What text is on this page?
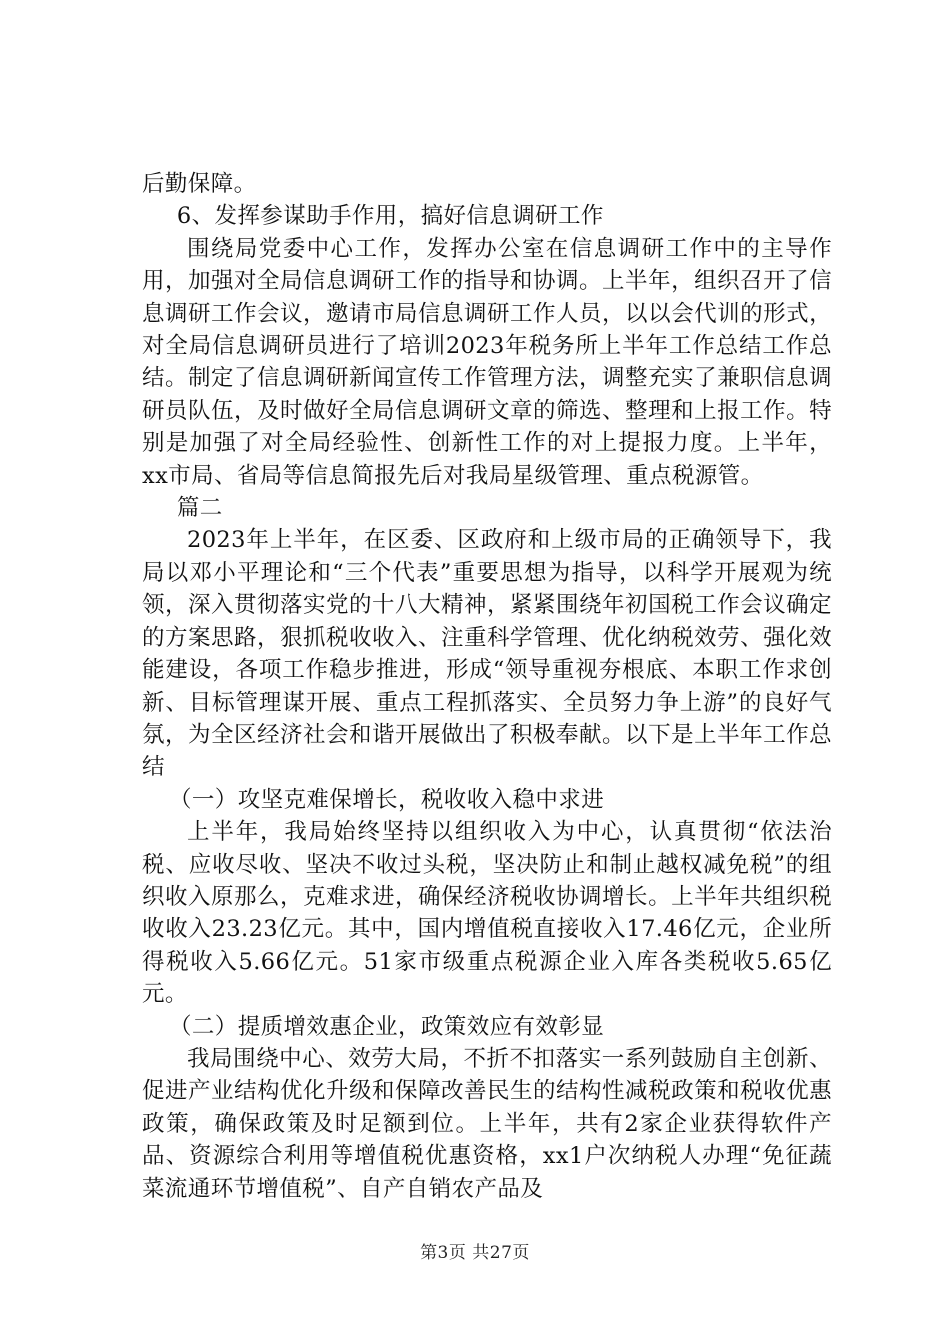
后勤保障。

6、发挥参谋助手作用，搞好信息调研工作

围绕局党委中心工作，发挥办公室在信息调研工作中的主导作用，加强对全局信息调研工作的指导和协调。上半年，组织召开了信息调研工作会议，邀请市局信息调研工作人员，以以会代训的形式，对全局信息调研员进行了培训2023年税务所上半年工作总结工作总结。制定了信息调研新闻宣传工作管理方法，调整充实了兼职信息调研员队伍，及时做好全局信息调研文章的筛选、整理和上报工作。特别是加强了对全局经验性、创新性工作的对上提报力度。上半年，xx市局、省局等信息简报先后对我局星级管理、重点税源管。

篇二

2023年上半年，在区委、区政府和上级市局的正确领导下，我局以邓小平理论和“三个代表”重要思想为指导，以科学开展观为统领，深入贯彻落实党的十八大精神，紧紧围绕年初国税工作会议确定的方案思路，狠抓税收收入、注重科学管理、优化纳税效劳、强化效能建设，各项工作稳步推进，形成“领导重视夯根底、本职工作求创新、目标管理谋开展、重点工程抓落实、全员努力争上游”的良好气氛，为全区经济社会和谐开展做出了积极奉献。以下是上半年工作总结

（一）攻坚克难保增长，税收收入稳中求进

上半年，我局始终坚持以组织收入为中心，认真贯彻“依法治税、应收尽收、坚决不收过头税，坚决防止和制止越权减免税”的组织收入原那么，克难求进，确保经济税收协调增长。上半年共组织税收收入23.23亿元。其中，国内增值税直接收入17.46亿元，企业所得税收入5.66亿元。51家市级重点税源企业入库各类税收5.65亿元。

（二）提质增效惠企业，政策效应有效彰显

我局围绕中心、效劳大局，不折不扣落实一系列鼓励自主创新、促进产业结构优化升级和保障改善民生的结构性减税政策和税收优惠政策，确保政策及时足额到位。上半年，共有2家企业获得软件产品、资源综合利用等增值税优惠资格，xx1户次纳税人办理“免征蔬菜流通环节增值税”、自产自销农产品及

第3页 共27页
